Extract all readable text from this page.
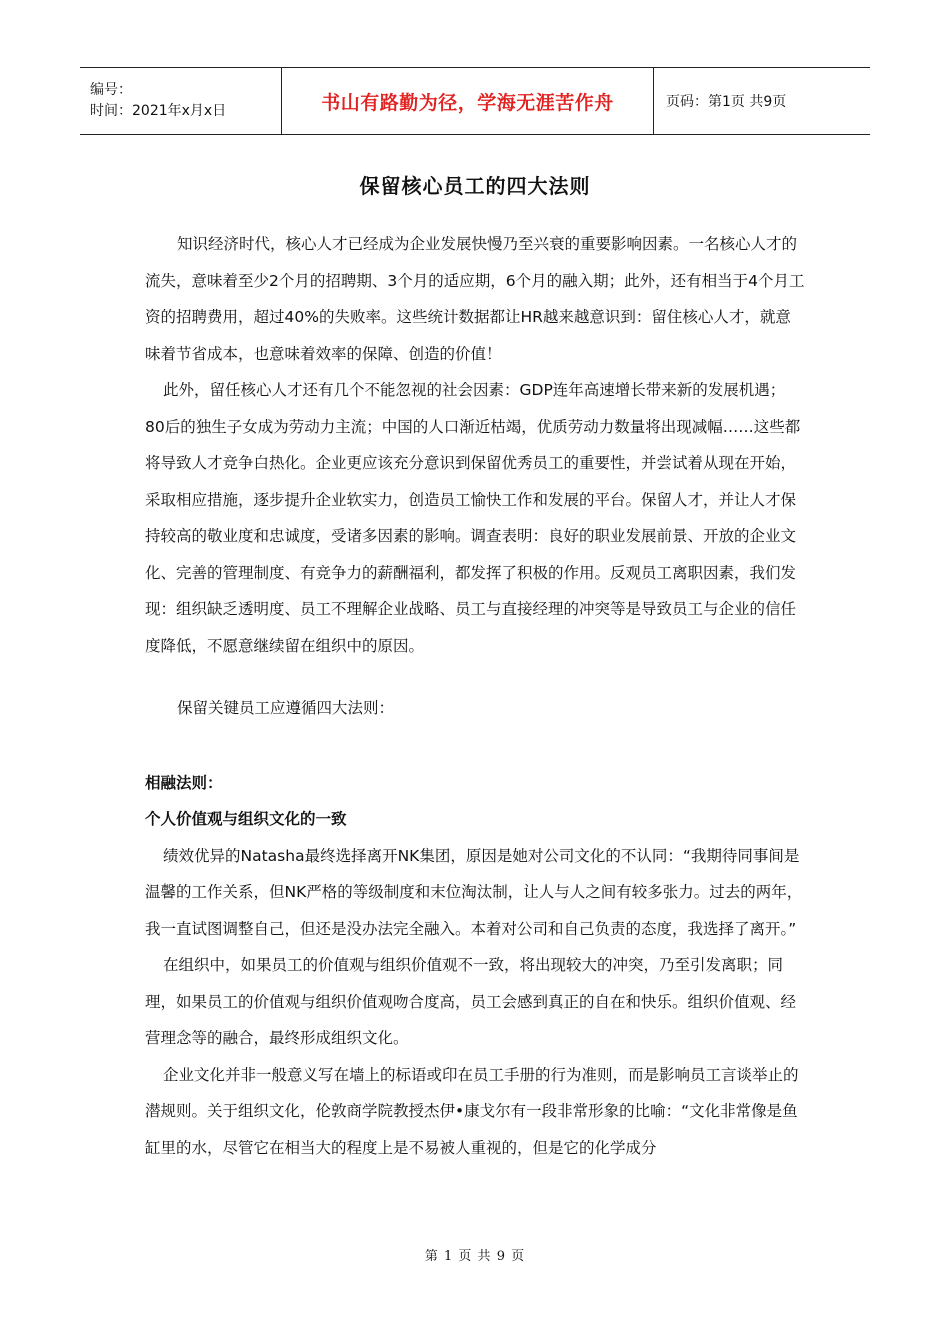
编号：
时间：2021年x月x日	书山有路勤为径，学海无涯苦作舟	页码：第1页 共9页
保留核心员工的四大法则

知识经济时代，核心人才已经成为企业发展快慢乃至兴衰的重要影响因素。一名核心人才的流失，意味着至少2个月的招聘期、3个月的适应期，6个月的融入期；此外，还有相当于4个月工资的招聘费用，超过40%的失败率。这些统计数据都让HR越来越意识到：留住核心人才，就意味着节省成本，也意味着效率的保障、创造的价值！

此外，留任核心人才还有几个不能忽视的社会因素：GDP连年高速增长带来新的发展机遇；80后的独生子女成为劳动力主流；中国的人口渐近枯竭，优质劳动力数量将出现减幅……这些都将导致人才竞争白热化。企业更应该充分意识到保留优秀员工的重要性，并尝试着从现在开始，采取相应措施，逐步提升企业软实力，创造员工愉快工作和发展的平台。保留人才，并让人才保持较高的敬业度和忠诚度，受诸多因素的影响。调查表明：良好的职业发展前景、开放的企业文化、完善的管理制度、有竞争力的薪酬福利，都发挥了积极的作用。反观员工离职因素，我们发现：组织缺乏透明度、员工不理解企业战略、员工与直接经理的冲突等是导致员工与企业的信任度降低，不愿意继续留在组织中的原因。

保留关键员工应遵循四大法则：

相融法则：

个人价值观与组织文化的一致

绩效优异的Natasha最终选择离开NK集团，原因是她对公司文化的不认同：“我期待同事间是温馨的工作关系，但NK严格的等级制度和末位淘汰制，让人与人之间有较多张力。过去的两年，我一直试图调整自己，但还是没办法完全融入。本着对公司和自己负责的态度，我选择了离开。”

在组织中，如果员工的价值观与组织价值观不一致，将出现较大的冲突，乃至引发离职；同理，如果员工的价值观与组织价值观吻合度高，员工会感到真正的自在和快乐。组织价值观、经营理念等的融合，最终形成组织文化。

企业文化并非一般意义写在墙上的标语或印在员工手册的行为准则，而是影响员工言谈举止的潜规则。关于组织文化，伦敦商学院教授杰伊•康戈尔有一段非常形象的比喻：“文化非常像是鱼缸里的水，尽管它在相当大的程度上是不易被人重视的，但是它的化学成分

第 1 页 共 9 页
